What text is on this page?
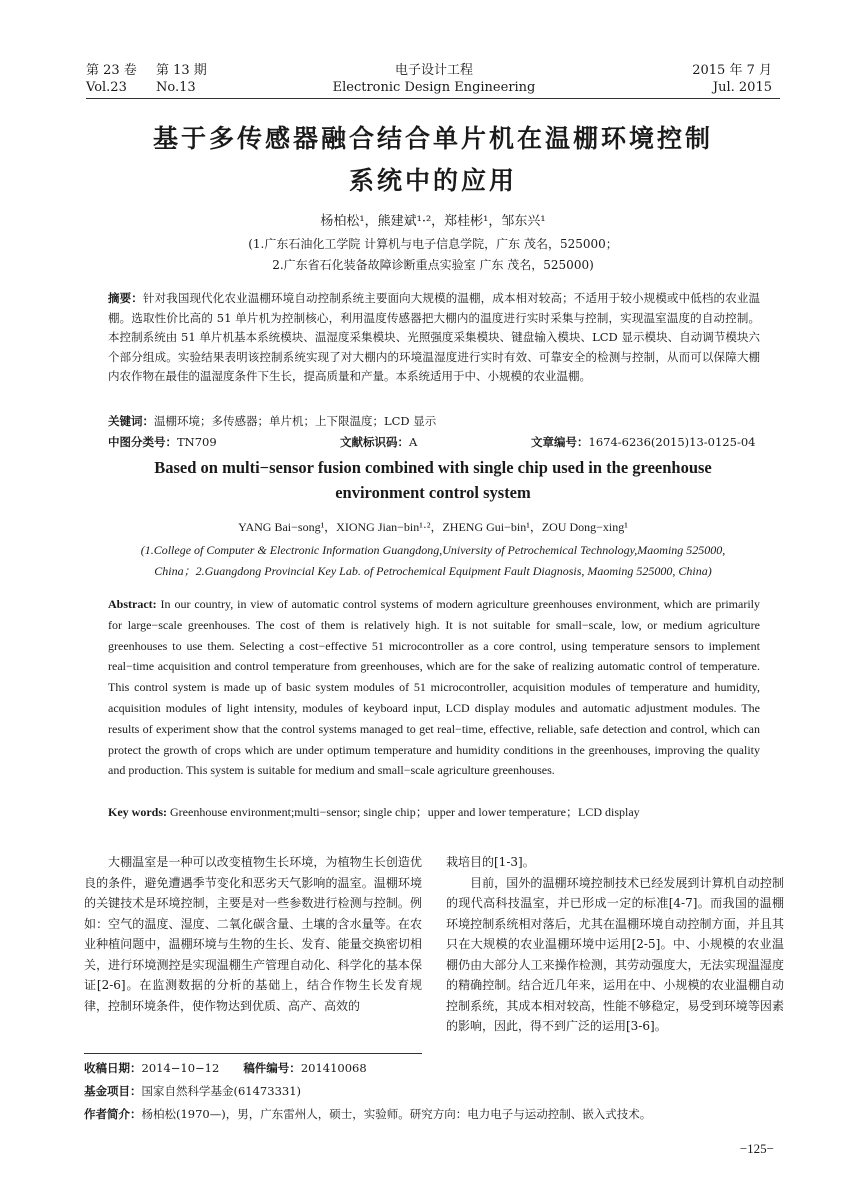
第 23 卷 第 13 期
Vol.23 No.13
电子设计工程
Electronic Design Engineering
2015 年 7 月
Jul. 2015
基于多传感器融合结合单片机在温棚环境控制
系统中的应用
杨柏松¹，熊建斌¹·²，郑桂彬¹，邹东兴¹
(1.广东石油化工学院 计算机与电子信息学院，广东 茂名，525000；
2.广东省石化装备故障诊断重点实验室 广东 茂名，525000)
摘要：针对我国现代化农业温棚环境自动控制系统主要面向大规模的温棚，成本相对较高；不适用于较小规模或中低档的农业温棚。选取性价比高的 51 单片机为控制核心，利用温度传感器把大棚内的温度进行实时采集与控制，实现温室温度的自动控制。本控制系统由 51 单片机基本系统模块、温湿度采集模块、光照强度采集模块、键盘输入模块、LCD 显示模块、自动调节模块六个部分组成。实验结果表明该控制系统实现了对大棚内的环境温湿度进行实时有效、可靠安全的检测与控制，从而可以保障大棚内农作物在最佳的温湿度条件下生长，提高质量和产量。本系统适用于中、小规模的农业温棚。
关键词：温棚环境；多传感器；单片机；上下限温度；LCD 显示
中图分类号：TN709	文献标识码：A	文章编号：1674-6236(2015)13-0125-04
Based on multi−sensor fusion combined with single chip used in the greenhouse
environment control system
YANG Bai−song¹，XIONG Jian−bin¹·²，ZHENG Gui−bin¹，ZOU Dong−xing¹
(1.College of Computer & Electronic Information Guangdong,University of Petrochemical Technology,Maoming 525000,
China；2.Guangdong Provincial Key Lab. of Petrochemical Equipment Fault Diagnosis, Maoming 525000, China)
Abstract: In our country, in view of automatic control systems of modern agriculture greenhouses environment, which are primarily for large−scale greenhouses. The cost of them is relatively high. It is not suitable for small−scale, low, or medium agriculture greenhouses to use them. Selecting a cost−effective 51 microcontroller as a core control, using temperature sensors to implement real−time acquisition and control temperature from greenhouses, which are for the sake of realizing automatic control of temperature. This control system is made up of basic system modules of 51 microcontroller, acquisition modules of temperature and humidity, acquisition modules of light intensity, modules of keyboard input, LCD display modules and automatic adjustment modules. The results of experiment show that the control systems managed to get real−time, effective, reliable, safe detection and control, which can protect the growth of crops which are under optimum temperature and humidity conditions in the greenhouses, improving the quality and production. This system is suitable for medium and small−scale agriculture greenhouses.
Key words: Greenhouse environment;multi−sensor; single chip；upper and lower temperature；LCD display

大棚温室是一种可以改变植物生长环境，为植物生长创造优良的条件，避免遭遇季节变化和恶劣天气影响的温室。温棚环境的关键技术是环境控制，主要是对一些参数进行检测与控制。例如：空气的温度、湿度、二氧化碳含量、土壤的含水量等。在农业种植问题中，温棚环境与生物的生长、发育、能量交换密切相关，进行环境测控是实现温棚生产管理自动化、科学化的基本保证[2-6]。在监测数据的分析的基础上，结合作物生长发育规律，控制环境条件，使作物达到优质、高产、高效的

栽培目的[1-3]。

目前，国外的温棚环境控制技术已经发展到计算机自动控制的现代高科技温室，并已形成一定的标准[4-7]。而我国的温棚环境控制系统相对落后，尤其在温棚环境自动控制方面，并且其只在大规模的农业温棚环境中运用[2-5]。中、小规模的农业温棚仍由大部分人工来操作检测，其劳动强度大，无法实现温湿度的精确控制。结合近几年来，运用在中、小规模的农业温棚自动控制系统，其成本相对较高，性能不够稳定，易受到环境等因素的影响，因此，得不到广泛的运用[3-6]。

收稿日期：2014−10−12 稿件编号：201410068
基金项目：国家自然科学基金(61473331)
作者简介：杨柏松(1970—)，男，广东雷州人，硕士，实验师。研究方向：电力电子与运动控制、嵌入式技术。
−125−
